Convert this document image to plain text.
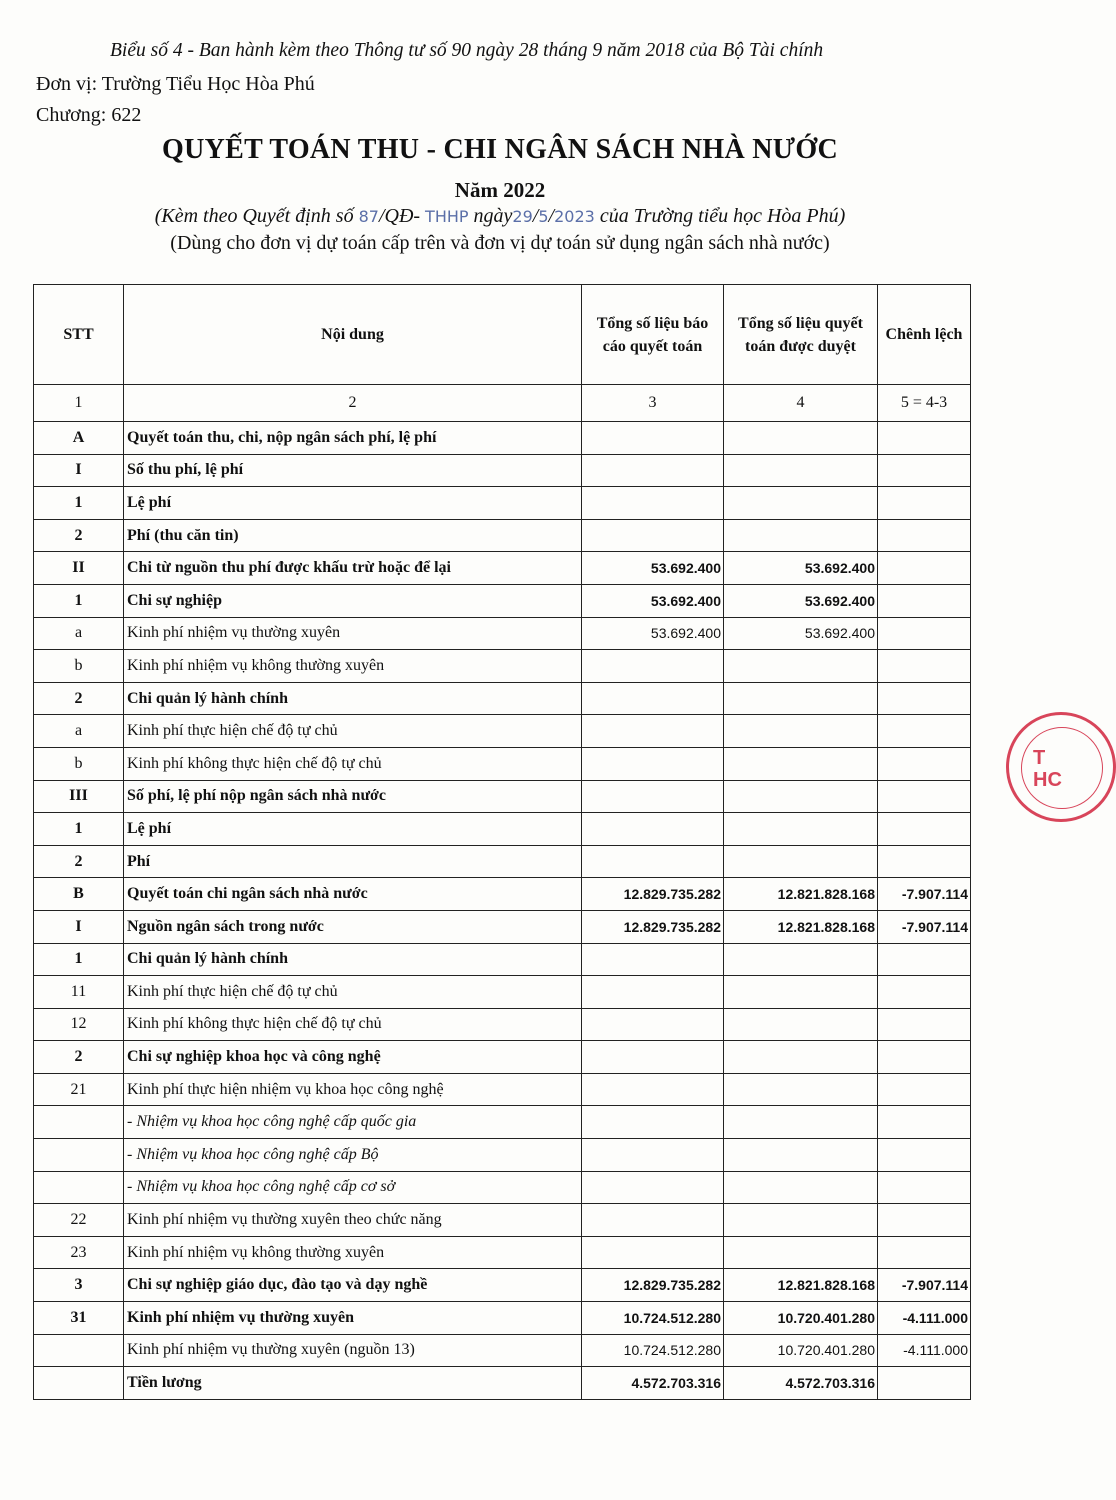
Biểu số 4 - Ban hành kèm theo Thông tư số 90 ngày 28 tháng 9 năm 2018 của Bộ Tài chính
Đơn vị: Trường Tiểu Học Hòa Phú
Chương: 622
QUYẾT TOÁN THU - CHI NGÂN SÁCH NHÀ NƯỚC
Năm 2022
(Kèm theo Quyết định số 87/QĐ- THHP ngày29/5/2023 của Trường tiểu học Hòa Phú)
(Dùng cho đơn vị dự toán cấp trên và đơn vị dự toán sử dụng ngân sách nhà nước)
STT	Nội dung	Tổng số liệu báo cáo quyết toán	Tổng số liệu quyết toán được duyệt	Chênh lệch
1	2	3	4	5 = 4-3
A	Quyết toán thu, chi, nộp ngân sách phí, lệ phí			
I	Số thu phí, lệ phí			
1	Lệ phí			
2	Phí (thu căn tin)			
II	Chi từ nguồn thu phí được khấu trừ hoặc để lại	53.692.400	53.692.400	
1	Chi sự nghiệp	53.692.400	53.692.400	
a	Kinh phí nhiệm vụ thường xuyên	53.692.400	53.692.400	
b	Kinh phí nhiệm vụ không thường xuyên			
2	Chi quản lý hành chính			
a	Kinh phí thực hiện chế độ tự chủ			
b	Kinh phí không thực hiện chế độ tự chủ			
III	Số phí, lệ phí nộp ngân sách nhà nước			
1	Lệ phí			
2	Phí			
B	Quyết toán chi ngân sách nhà nước	12.829.735.282	12.821.828.168	-7.907.114
I	Nguồn ngân sách trong nước	12.829.735.282	12.821.828.168	-7.907.114
1	Chi quản lý hành chính			
11	Kinh phí thực hiện chế độ tự chủ			
12	Kinh phí không thực hiện chế độ tự chủ			
2	Chi sự nghiệp khoa học và công nghệ			
21	Kinh phí thực hiện nhiệm vụ khoa học công nghệ			
	- Nhiệm vụ khoa học công nghệ cấp quốc gia			
	- Nhiệm vụ khoa học công nghệ cấp Bộ			
	- Nhiệm vụ khoa học công nghệ cấp cơ sở			
22	Kinh phí nhiệm vụ thường xuyên theo chức năng			
23	Kinh phí nhiệm vụ không thường xuyên			
3	Chi sự nghiệp giáo dục, đào tạo và dạy nghề	12.829.735.282	12.821.828.168	-7.907.114
31	Kinh phí nhiệm vụ thường xuyên	10.724.512.280	10.720.401.280	-4.111.000
	Kinh phí nhiệm vụ thường xuyên (nguồn 13)	10.724.512.280	10.720.401.280	-4.111.000
	Tiền lương	4.572.703.316	4.572.703.316	
T
HC
